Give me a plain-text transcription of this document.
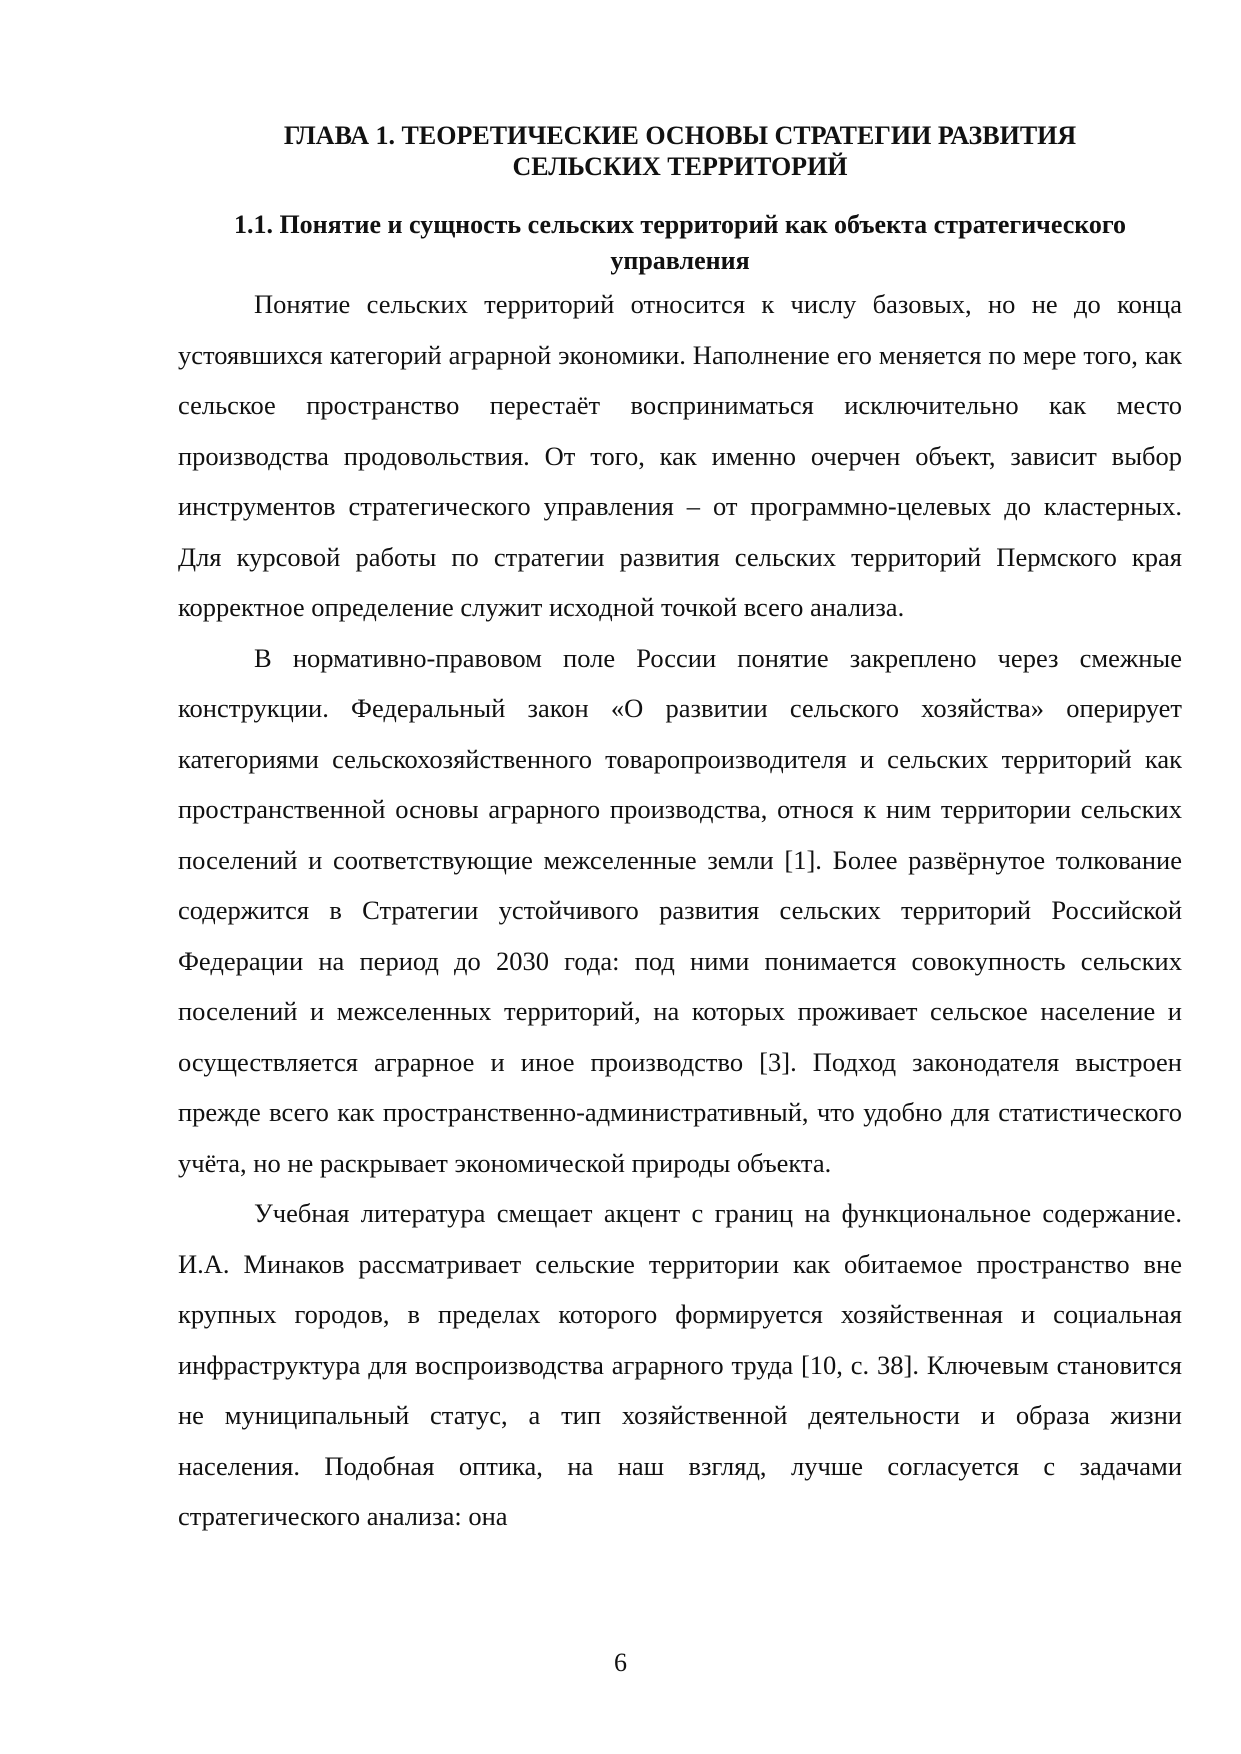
ГЛАВА 1. ТЕОРЕТИЧЕСКИЕ ОСНОВЫ СТРАТЕГИИ РАЗВИТИЯ
СЕЛЬСКИХ ТЕРРИТОРИЙ
1.1. Понятие и сущность сельских территорий как объекта стратегического
управления

Понятие сельских территорий относится к числу базовых, но не до конца устоявшихся категорий аграрной экономики. Наполнение его меняется по мере того, как сельское пространство перестаёт восприниматься исключительно как место производства продовольствия. От того, как именно очерчен объект, зависит выбор инструментов стратегического управления – от программно-целевых до кластерных. Для курсовой работы по стратегии развития сельских территорий Пермского края корректное определение служит исходной точкой всего анализа.

В нормативно-правовом поле России понятие закреплено через смежные конструкции. Федеральный закон «О развитии сельского хозяйства» оперирует категориями сельскохозяйственного товаропроизводителя и сельских территорий как пространственной основы аграрного производства, относя к ним территории сельских поселений и соответствующие межселенные земли [1]. Более развёрнутое толкование содержится в Стратегии устойчивого развития сельских территорий Российской Федерации на период до 2030 года: под ними понимается совокупность сельских поселений и межселенных территорий, на которых проживает сельское население и осуществляется аграрное и иное производство [3]. Подход законодателя выстроен прежде всего как пространственно-административный, что удобно для статистического учёта, но не раскрывает экономической природы объекта.

Учебная литература смещает акцент с границ на функциональное содержание. И.А. Минаков рассматривает сельские территории как обитаемое пространство вне крупных городов, в пределах которого формируется хозяйственная и социальная инфраструктура для воспроизводства аграрного труда [10, с. 38]. Ключевым становится не муниципальный статус, а тип хозяйственной деятельности и образа жизни населения. Подобная оптика, на наш взгляд, лучше согласуется с задачами стратегического анализа: она

6
